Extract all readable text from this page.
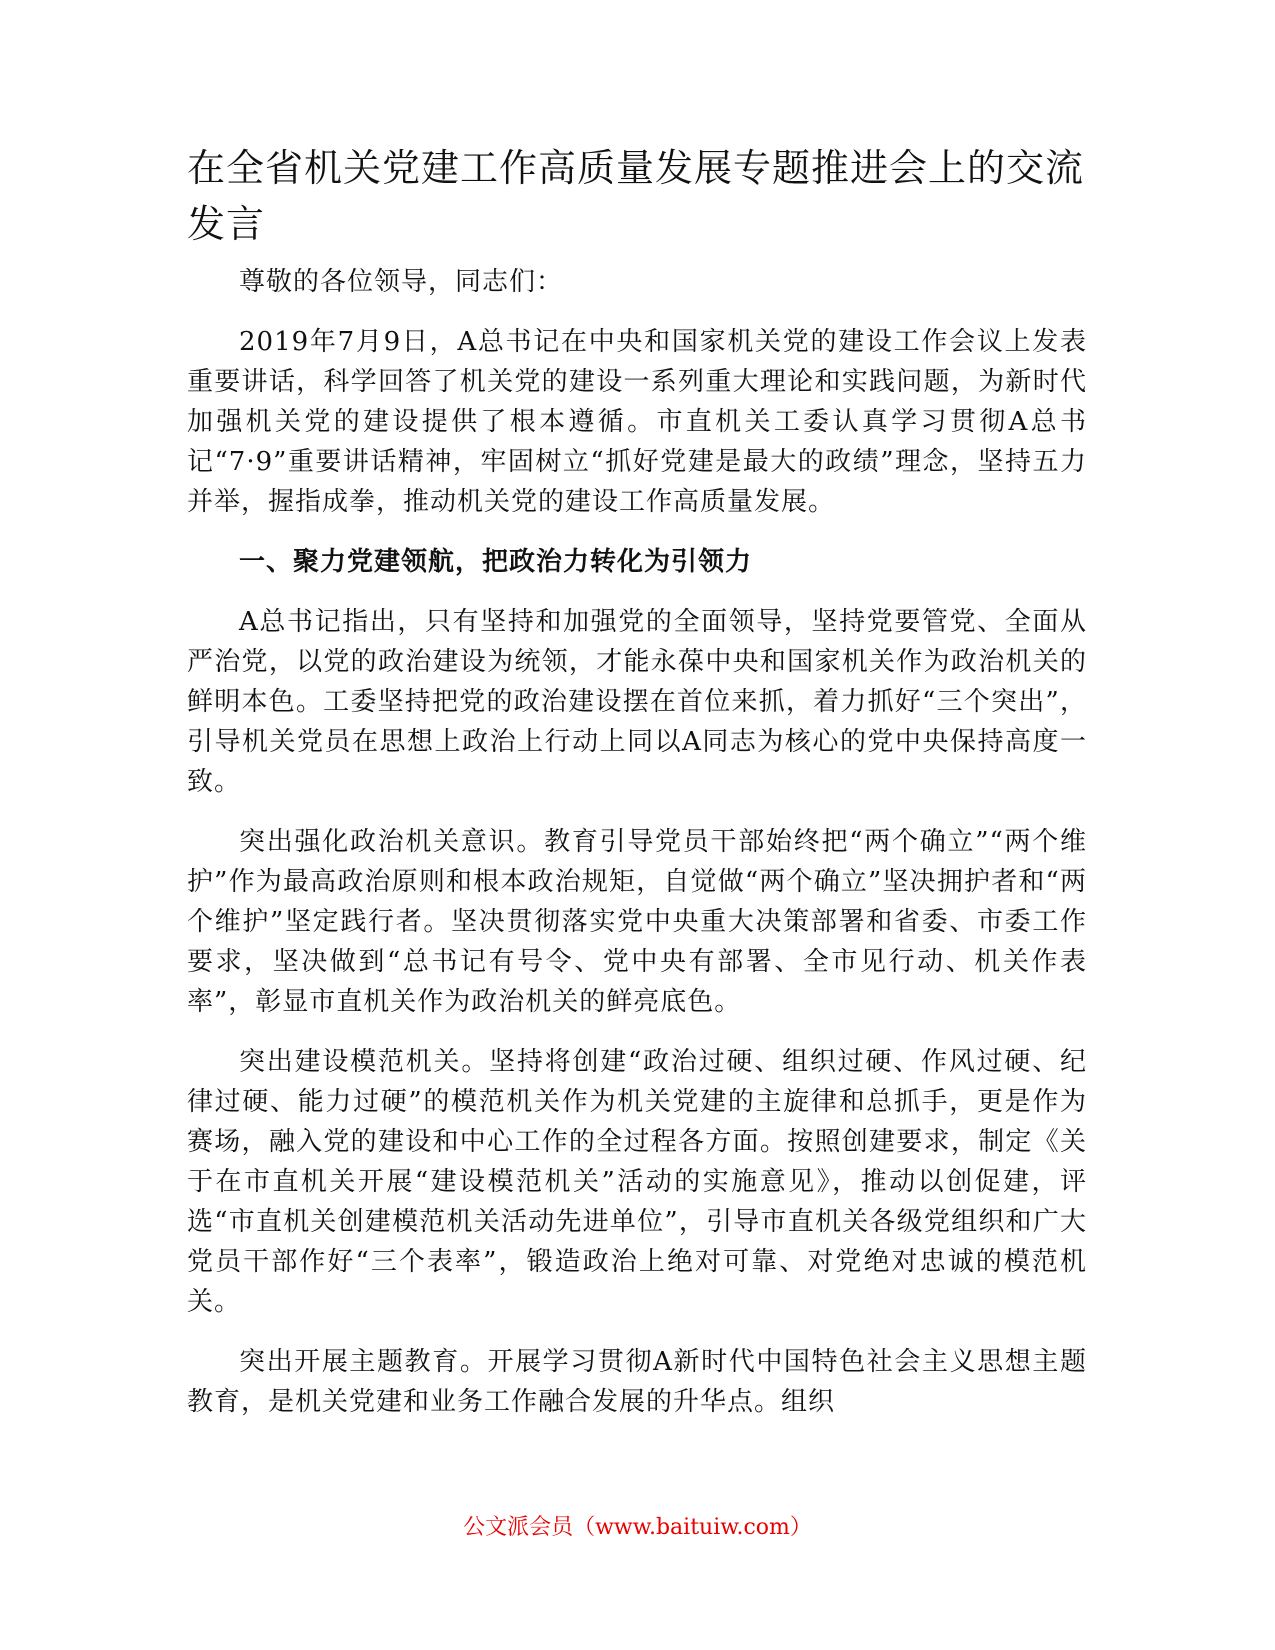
在全省机关党建工作高质量发展专题推进会上的交流发言

尊敬的各位领导，同志们：

2019年7月9日，A总书记在中央和国家机关党的建设工作会议上发表重要讲话，科学回答了机关党的建设一系列重大理论和实践问题，为新时代加强机关党的建设提供了根本遵循。市直机关工委认真学习贯彻A总书记“7·9”重要讲话精神，牢固树立“抓好党建是最大的政绩”理念，坚持五力并举，握指成拳，推动机关党的建设工作高质量发展。

一、聚力党建领航，把政治力转化为引领力

A总书记指出，只有坚持和加强党的全面领导，坚持党要管党、全面从严治党，以党的政治建设为统领，才能永葆中央和国家机关作为政治机关的鲜明本色。工委坚持把党的政治建设摆在首位来抓，着力抓好“三个突出”，引导机关党员在思想上政治上行动上同以A同志为核心的党中央保持高度一致。

突出强化政治机关意识。教育引导党员干部始终把“两个确立”“两个维护”作为最高政治原则和根本政治规矩，自觉做“两个确立”坚决拥护者和“两个维护”坚定践行者。坚决贯彻落实党中央重大决策部署和省委、市委工作要求，坚决做到“总书记有号令、党中央有部署、全市见行动、机关作表率”，彰显市直机关作为政治机关的鲜亮底色。

突出建设模范机关。坚持将创建“政治过硬、组织过硬、作风过硬、纪律过硬、能力过硬”的模范机关作为机关党建的主旋律和总抓手，更是作为赛场，融入党的建设和中心工作的全过程各方面。按照创建要求，制定《关于在市直机关开展“建设模范机关”活动的实施意见》，推动以创促建，评选“市直机关创建模范机关活动先进单位”，引导市直机关各级党组织和广大党员干部作好“三个表率”，锻造政治上绝对可靠、对党绝对忠诚的模范机关。

突出开展主题教育。开展学习贯彻A新时代中国特色社会主义思想主题教育，是机关党建和业务工作融合发展的升华点。组织

公文派会员（www.baituiw.com）
